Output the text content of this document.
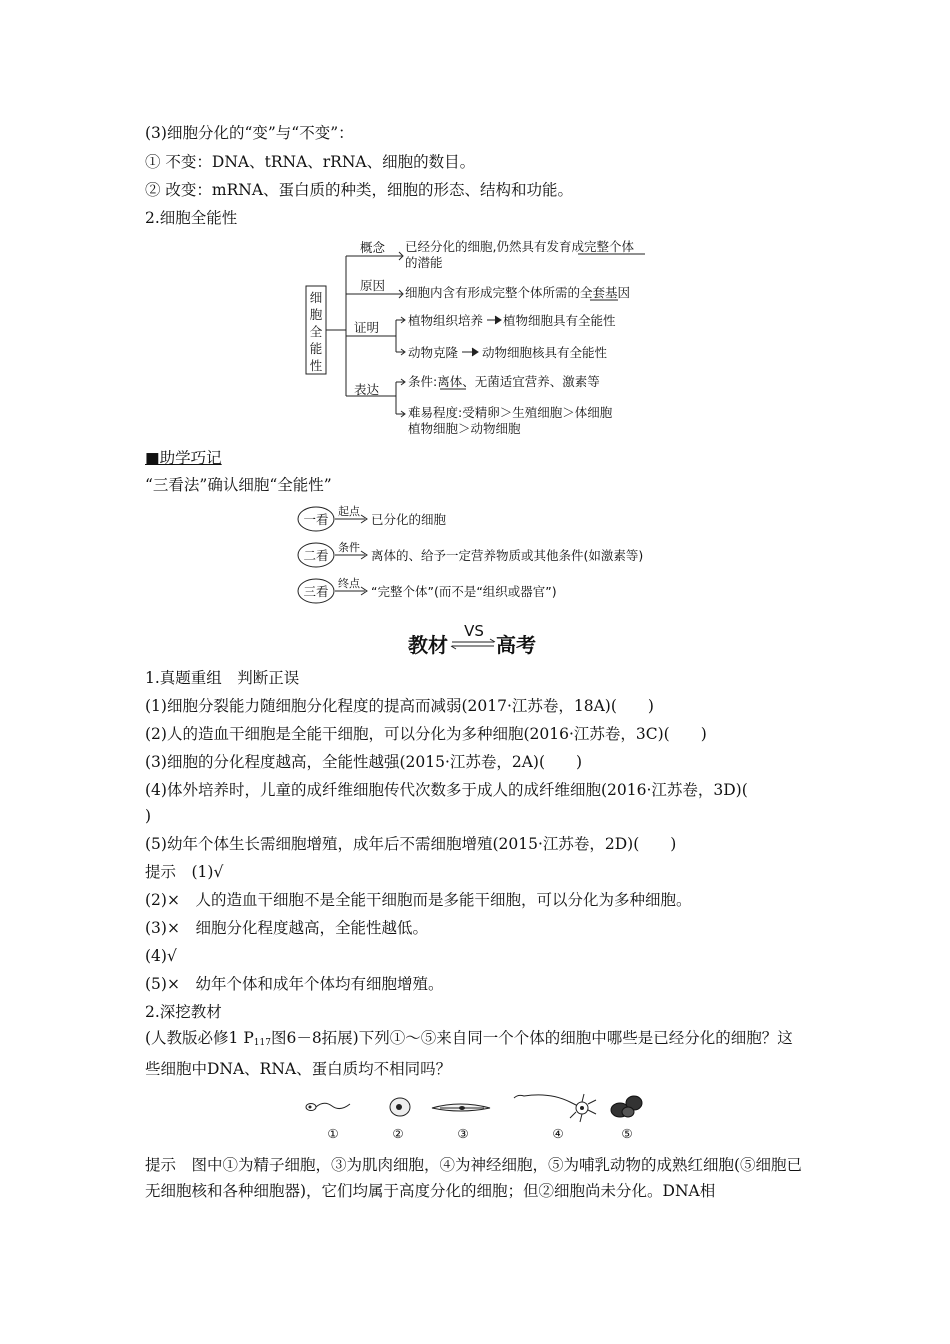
(3)细胞分化的“变”与“不变”：
① 不变：DNA、tRNA、rRNA、细胞的数目。
② 改变：mRNA、蛋白质的种类，细胞的形态、结构和功能。
2.细胞全能性
细
胞
全
能
性
概念
原因
证明
表达
已经分化的细胞,仍然具有发育成完整个体
的潜能
细胞内含有形成完整个体所需的全套基因
植物组织培养 植物细胞具有全能性
动物克隆 动物细胞核具有全能性
条件:离体、无菌适宜营养、激素等
难易程度:受精卵＞生殖细胞＞体细胞
植物细胞＞动物细胞
■助学巧记
“三看法”确认细胞“全能性”
一看
二看
三看
起点
条件
终点
已分化的细胞
离体的、给予一定营养物质或其他条件(如激素等)
“完整个体”(而不是“组织或器官”)
教材
VS
高考
1.真题重组　判断正误
(1)细胞分裂能力随细胞分化程度的提高而减弱(2017·江苏卷，18A)(　　)
(2)人的造血干细胞是全能干细胞，可以分化为多种细胞(2016·江苏卷，3C)(　　)
(3)细胞的分化程度越高，全能性越强(2015·江苏卷，2A)(　　)
(4)体外培养时，儿童的成纤维细胞传代次数多于成人的成纤维细胞(2016·江苏卷，3D)(
)
(5)幼年个体生长需细胞增殖，成年后不需细胞增殖(2015·江苏卷，2D)(　　)
提示　(1)√
(2)×　人的造血干细胞不是全能干细胞而是多能干细胞，可以分化为多种细胞。
(3)×　细胞分化程度越高，全能性越低。
(4)√
(5)×　幼年个体和成年个体均有细胞增殖。
2.深挖教材
(人教版必修1 $P_{117}$图6－8拓展)下列①～⑤来自同一个个体的细胞中哪些是已经分化的细胞？这些细胞中DNA、RNA、蛋白质均不相同吗？
①	②	③	④	⑤
提示　图中①为精子细胞，③为肌肉细胞，④为神经细胞，⑤为哺乳动物的成熟红细胞(⑤细胞已无细胞核和各种细胞器)，它们均属于高度分化的细胞；但②细胞尚未分化。DNA相
